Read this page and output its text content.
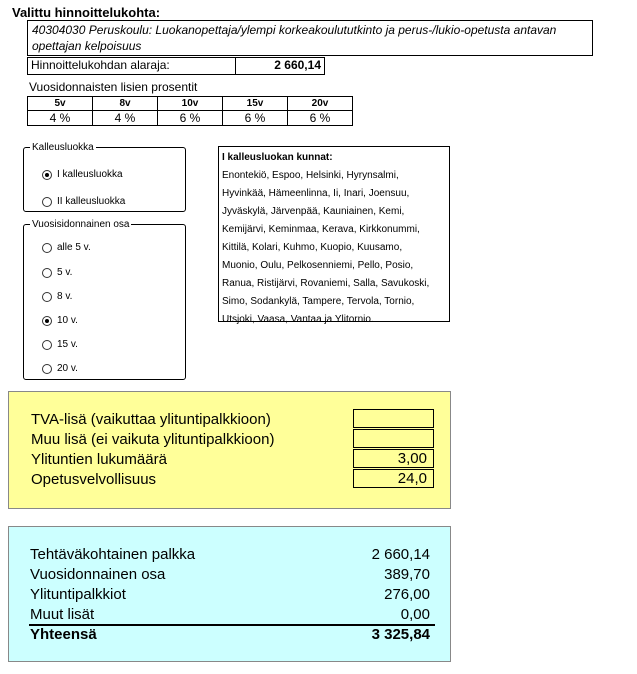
Valittu hinnoittelukohta:
40304030 Peruskoulu: Luokanopettaja/ylempi korkeakoulututkinto ja perus-/lukio-opetusta antavan opettajan kelpoisuus
Hinnoittelukohdan alaraja:	2 660,14
Vuosidonnaisten lisien prosentit
5v	8v	10v	15v	20v
4 %	4 %	6 %	6 %	6 %
Kalleusluokka
I kalleusluokka
II kalleusluokka
Vuosisidonnainen osa
alle 5 v.
5 v.
8 v.
10 v.
15 v.
20 v.
I kalleusluokan kunnat:
Enontekiö, Espoo, Helsinki, Hyrynsalmi,
Hyvinkää, Hämeenlinna, Ii, Inari, Joensuu,
Jyväskylä, Järvenpää, Kauniainen, Kemi,
Kemijärvi, Keminmaa, Kerava, Kirkkonummi,
Kittilä, Kolari, Kuhmo, Kuopio, Kuusamo,
Muonio, Oulu, Pelkosenniemi, Pello, Posio,
Ranua, Ristijärvi, Rovaniemi, Salla, Savukoski,
Simo, Sodankylä, Tampere, Tervola, Tornio,
Utsjoki, Vaasa, Vantaa ja Ylitornio.
TVA-lisä (vaikuttaa ylituntipalkkioon)
Muu lisä (ei vaikuta ylituntipalkkioon)
Ylituntien lukumäärä	3,00
Opetusvelvollisuus	24,0
Tehtäväkohtainen palkka	2 660,14
Vuosidonnainen osa	389,70
Ylituntipalkkiot	276,00
Muut lisät	0,00
Yhteensä	3 325,84
